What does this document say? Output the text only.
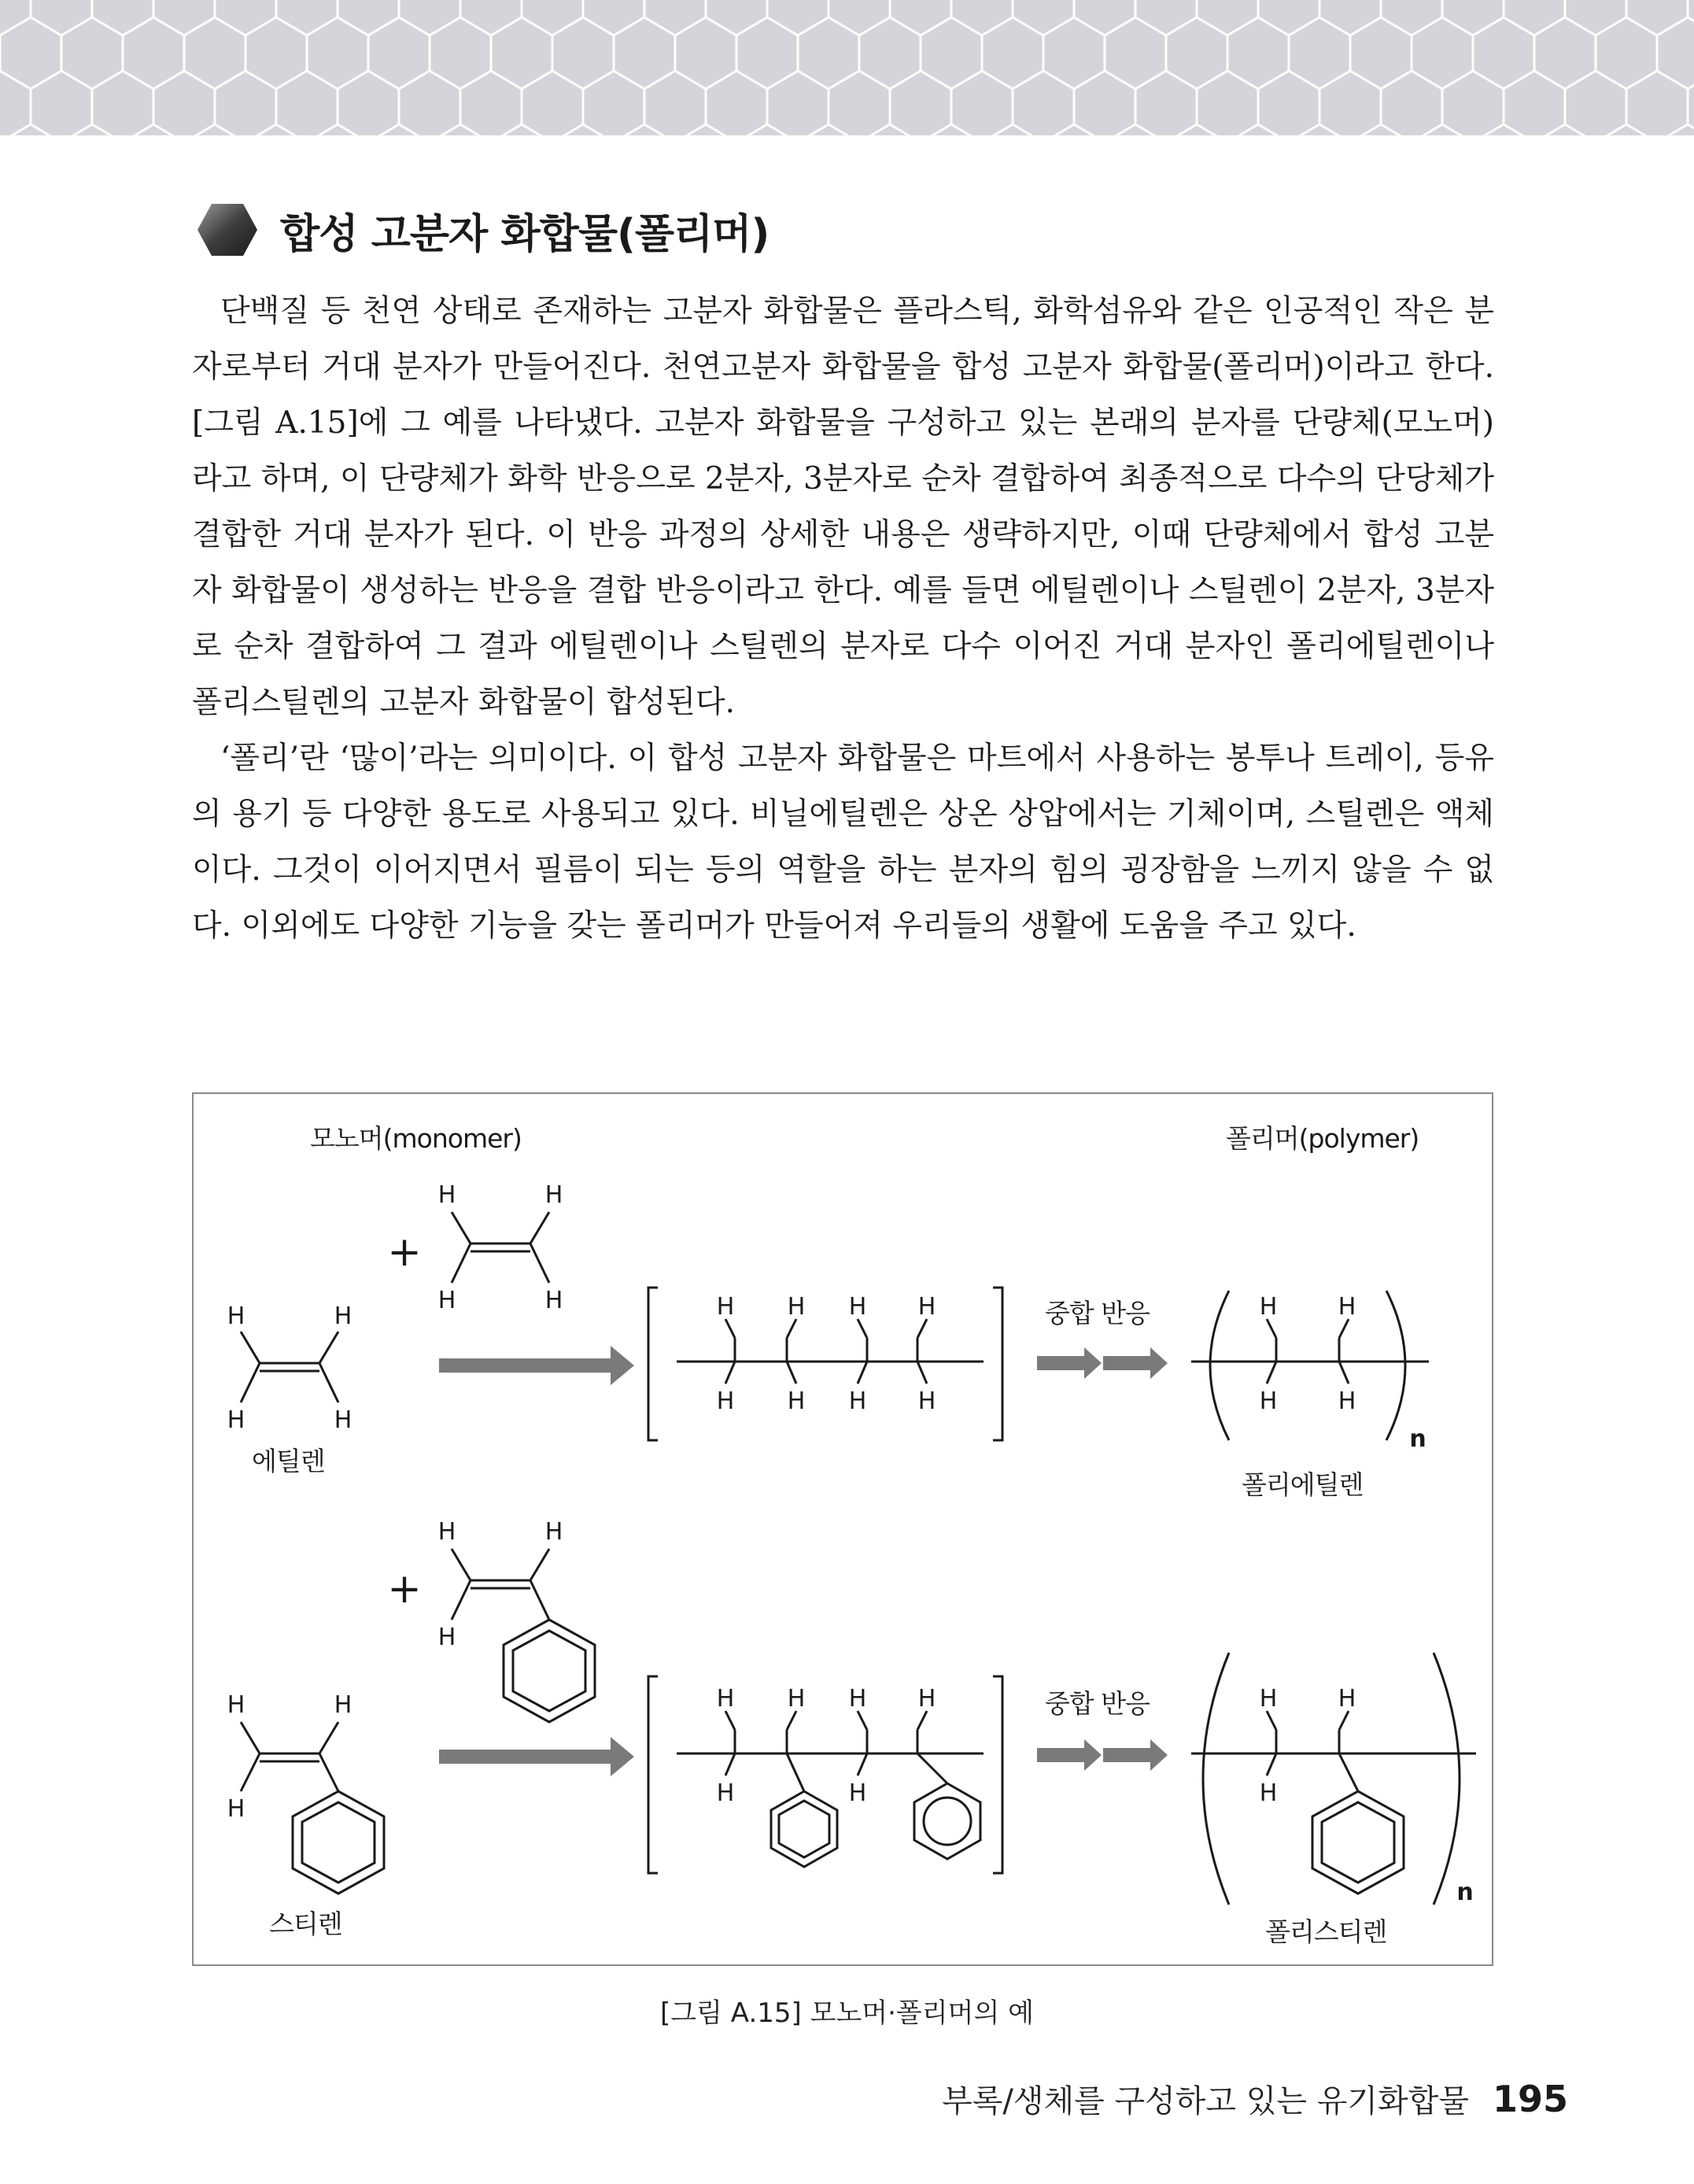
합성 고분자 화합물(폴리머)

단백질 등 천연 상태로 존재하는 고분자 화합물은 플라스틱, 화학섬유와 같은 인공적인 작은 분자로부터 거대 분자가 만들어진다. 천연고분자 화합물을 합성 고분자 화합물(폴리머)이라고 한다. [그림 A.15]에 그 예를 나타냈다. 고분자 화합물을 구성하고 있는 본래의 분자를 단량체(모노머)라고 하며, 이 단량체가 화학 반응으로 2분자, 3분자로 순차 결합하여 최종적으로 다수의 단당체가 결합한 거대 분자가 된다. 이 반응 과정의 상세한 내용은 생략하지만, 이때 단량체에서 합성 고분자 화합물이 생성하는 반응을 결합 반응이라고 한다. 예를 들면 에틸렌이나 스틸렌이 2분자, 3분자로 순차 결합하여 그 결과 에틸렌이나 스틸렌의 분자로 다수 이어진 거대 분자인 폴리에틸렌이나 폴리스틸렌의 고분자 화합물이 합성된다.

‘폴리’란 ‘많이’라는 의미이다. 이 합성 고분자 화합물은 마트에서 사용하는 봉투나 트레이, 등유의 용기 등 다양한 용도로 사용되고 있다. 비닐에틸렌은 상온 상압에서는 기체이며, 스틸렌은 액체이다. 그것이 이어지면서 필름이 되는 등의 역할을 하는 분자의 힘의 굉장함을 느끼지 않을 수 없다. 이외에도 다양한 기능을 갖는 폴리머가 만들어져 우리들의 생활에 도움을 주고 있다.

모노머(monomer)	폴리머(polymer)
H	H
H	H
+
H	H
H	H
에틸렌
H H H H
H H H H
중합 반응	H	H
H	H
n
폴리에틸렌
H	H
H
+
H	H
H
스티렌
H H H H
H	H
중합 반응	H	H
H
n
폴리스티렌
[그림 A.15] 모노머·폴리머의 예
부록/생체를 구성하고 있는 유기화합물 195
